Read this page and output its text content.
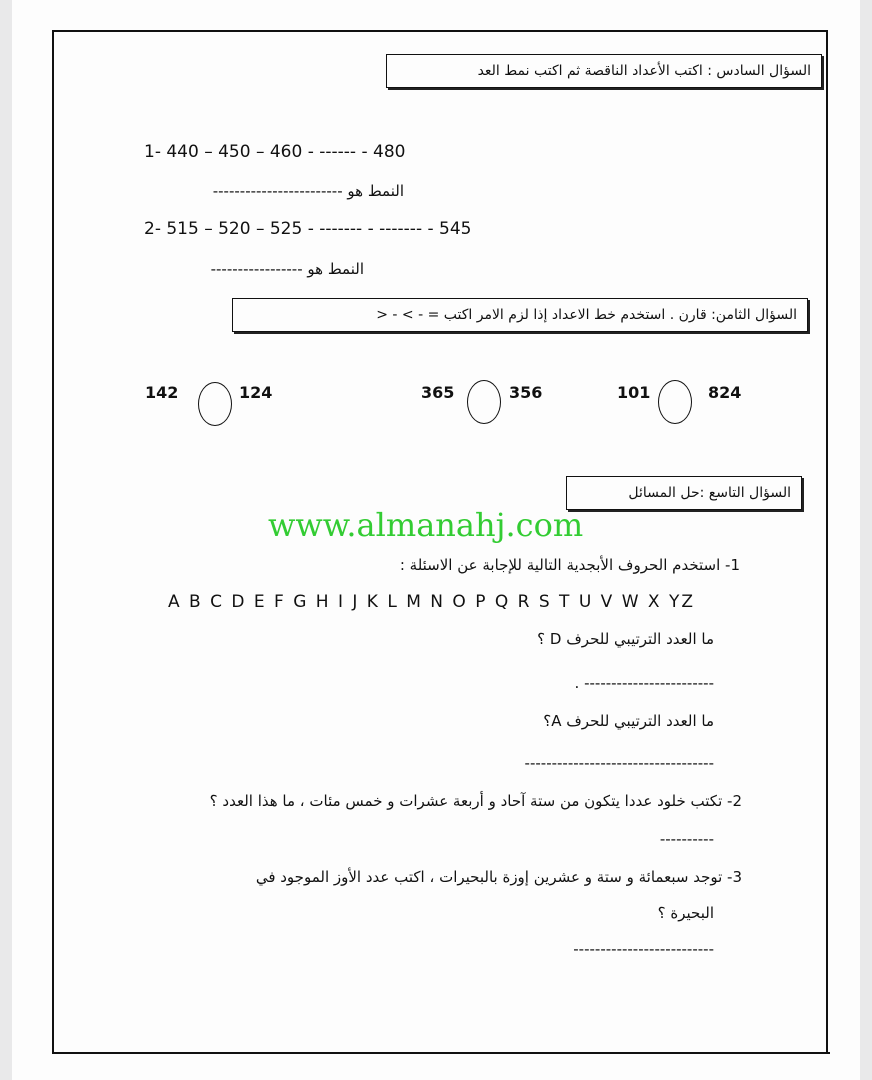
السؤال السادس : اكتب الأعداد الناقصة ثم اكتب نمط العد
1- 440 – 450 – 460 - ------ - 480
النمط هو ------------------------
2- 515 – 520 – 525 - ------- - ------- - 545
النمط هو -----------------
السؤال الثامن: قارن . استخدم خط الاعداد إذا لزم الامر اكتب = - > - <
142	124	365	356	101	824
السؤال التاسع :حل المسائل
www.almanahj.com
1- استخدم الحروف الأبجدية التالية للإجابة عن الاسئلة :
A B C D E F G H I J K L M N O P Q R S T U V W X YZ
ما العدد الترتيبي للحرف D ؟
------------------------ .
ما العدد الترتيبي للحرف A؟
-----------------------------------
2- تكتب خلود عددا يتكون من ستة آحاد و أربعة عشرات و خمس مئات ، ما هذا العدد ؟
----------
3- توجد سبعمائة و ستة و عشرين إوزة بالبحيرات ، اكتب عدد الأوز الموجود في
البحيرة ؟
--------------------------
